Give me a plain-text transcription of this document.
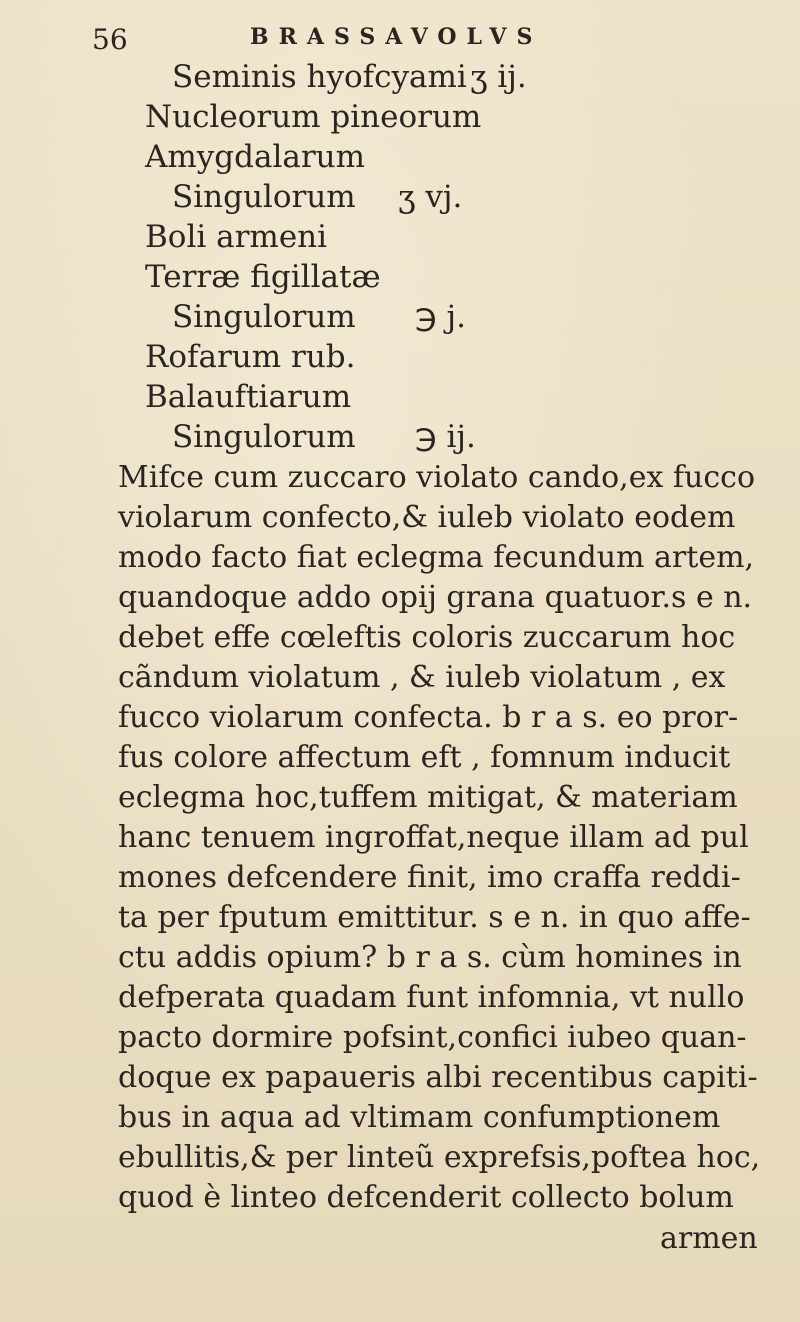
56	BRASSAVOLVS
Seminis hyofcyami ʒ ij.
Nucleorum pineorum
Amygdalarum
Singulorum ʒ vj.
Boli armeni
Terræ figillatæ
Singulorum ℈ j.
Rofarum rub.
Balauftiarum
Singulorum ℈ ij.
Mifce cum zuccaro violato cando,ex fucco
violarum confecto,& iuleb violato eodem
modo facto fiat eclegma fecundum artem,
quandoque addo opij grana quatuor.s e n.
debet effe cœleftis coloris zuccarum hoc
cãndum violatum , & iuleb violatum , ex
fucco violarum confecta. b r a s. eo pror-
fus colore affectum eft , fomnum inducit
eclegma hoc,tuffem mitigat, & materiam
hanc tenuem ingroffat,neque illam ad pul
mones defcendere finit, imo craffa reddi-
ta per fputum emittitur. s e n. in quo affe-
ctu addis opium? b r a s. cùm homines in
defperata quadam funt infomnia, vt nullo
pacto dormire pofsint,confici iubeo quan-
doque ex papaueris albi recentibus capiti-
bus in aqua ad vltimam confumptionem
ebullitis,& per linteũ exprefsis,poftea hoc,
quod è linteo defcenderit collecto bolum
armen
